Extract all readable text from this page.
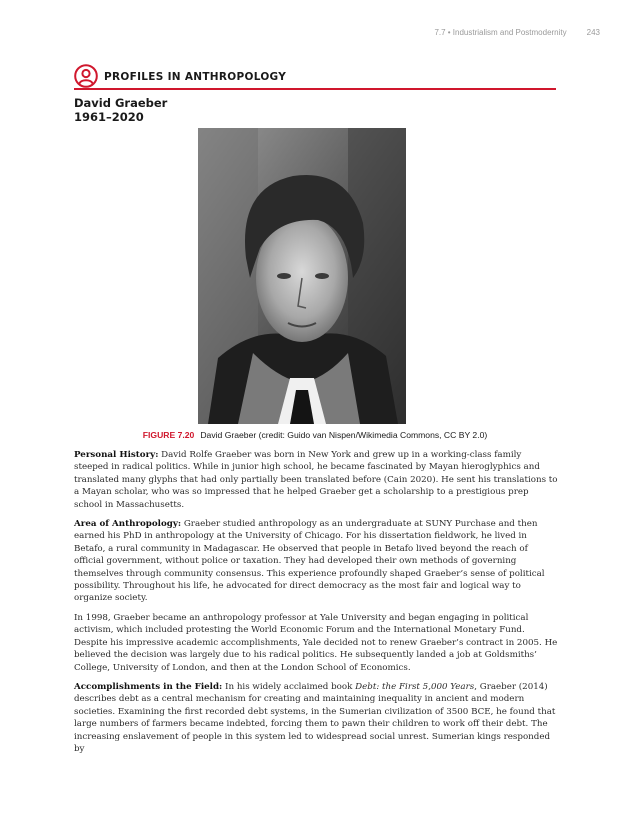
7.7 • Industrialism and Postmodernity	243
PROFILES IN ANTHROPOLOGY
David Graeber
1961–2020
FIGURE 7.20 David Graeber (credit: Guido van Nispen/Wikimedia Commons, CC BY 2.0)

Personal History: David Rolfe Graeber was born in New York and grew up in a working-class family steeped in radical politics. While in junior high school, he became fascinated by Mayan hieroglyphics and translated many glyphs that had only partially been translated before (Cain 2020). He sent his translations to a Mayan scholar, who was so impressed that he helped Graeber get a scholarship to a prestigious prep school in Massachusetts.

Area of Anthropology: Graeber studied anthropology as an undergraduate at SUNY Purchase and then earned his PhD in anthropology at the University of Chicago. For his dissertation fieldwork, he lived in Betafo, a rural community in Madagascar. He observed that people in Betafo lived beyond the reach of official government, without police or taxation. They had developed their own methods of governing themselves through community consensus. This experience profoundly shaped Graeber’s sense of political possibility. Throughout his life, he advocated for direct democracy as the most fair and logical way to organize society.

In 1998, Graeber became an anthropology professor at Yale University and began engaging in political activism, which included protesting the World Economic Forum and the International Monetary Fund. Despite his impressive academic accomplishments, Yale decided not to renew Graeber’s contract in 2005. He believed the decision was largely due to his radical politics. He subsequently landed a job at Goldsmiths’ College, University of London, and then at the London School of Economics.

Accomplishments in the Field: In his widely acclaimed book Debt: the First 5,000 Years, Graeber (2014) describes debt as a central mechanism for creating and maintaining inequality in ancient and modern societies. Examining the first recorded debt systems, in the Sumerian civilization of 3500 BCE, he found that large numbers of farmers became indebted, forcing them to pawn their children to work off their debt. The increasing enslavement of people in this system led to widespread social unrest. Sumerian kings responded by
